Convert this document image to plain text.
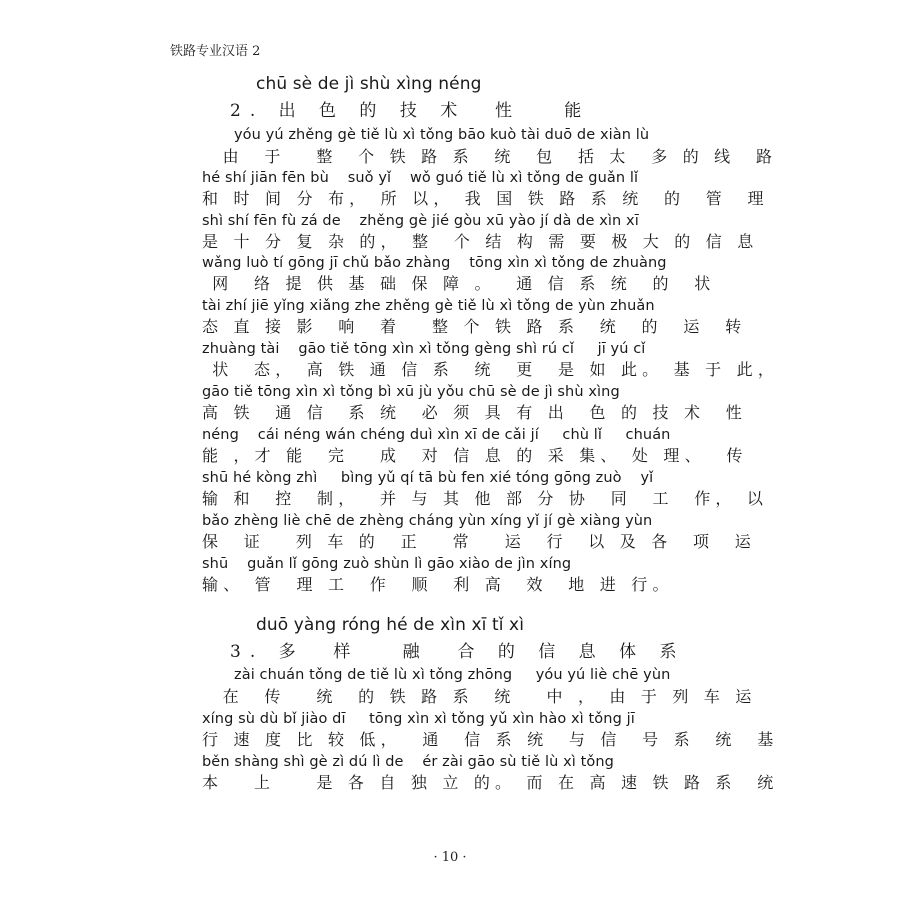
铁路专业汉语 2
chū sè de jì shù xìng néng
2. 出 色 的 技 术  性   能
yóu yú zhěng gè tiě lù xì tǒng bāo kuò tài duō de xiàn lù
由  于   整  个 铁 路 系  统  包  括 太  多 的 线  路
hé shí jiān fēn bù    suǒ yǐ    wǒ guó tiě lù xì tǒng de guǎn lǐ
和 时 间 分 布， 所 以， 我 国 铁 路 系 统  的  管  理
shì shí fēn fù zá de    zhěng gè jié gòu xū yào jí dà de xìn xī
是 十 分 复 杂 的， 整  个 结 构 需 要 极 大 的 信 息
wǎng luò tí gōng jī chǔ bǎo zhàng    tōng xìn xì tǒng de zhuàng
网  络 提 供 基 础 保 障 。  通 信 系 统  的  状
tài zhí jiē yǐng xiǎng zhe zhěng gè tiě lù xì tǒng de yùn zhuǎn
态 直 接 影  响  着   整 个 铁 路 系  统  的  运  转
zhuàng tài    gāo tiě tōng xìn xì tǒng gèng shì rú cǐ     jī yú cǐ
状  态， 高 铁 通 信 系  统  更  是 如 此。 基 于 此，
gāo tiě tōng xìn xì tǒng bì xū jù yǒu chū sè de jì shù xìng
高 铁  通 信  系 统  必 须 具 有 出  色 的 技 术  性
néng    cái néng wán chéng duì xìn xī de cǎi jí     chù lǐ     chuán
能 ，才 能  完   成  对 信 息 的 采 集、 处 理、  传
shū hé kòng zhì     bìng yǔ qí tā bù fen xié tóng gōng zuò    yǐ
输 和  控  制，  并 与 其 他 部 分 协  同  工  作， 以
bǎo zhèng liè chē de zhèng cháng yùn xíng yǐ jí gè xiàng yùn
保  证   列 车 的  正   常   运  行  以 及 各  项  运
shū    guǎn lǐ gōng zuò shùn lì gāo xiào de jìn xíng
输、 管  理 工  作  顺  利 高  效  地 进 行。
duō yàng róng hé de xìn xī tǐ xì
3. 多  样   融  合 的 信 息 体 系
zài chuán tǒng de tiě lù xì tǒng zhōng     yóu yú liè chē yùn
在  传   统  的 铁 路 系  统   中 ， 由 于 列 车 运
xíng sù dù bǐ jiào dī     tōng xìn xì tǒng yǔ xìn hào xì tǒng jī
行 速 度 比 较 低，  通  信 系 统  与 信  号 系  统  基
běn shàng shì gè zì dú lì de    ér zài gāo sù tiě lù xì tǒng
本   上    是 各 自 独 立 的。 而 在 高 速 铁 路 系  统
· 10 ·
